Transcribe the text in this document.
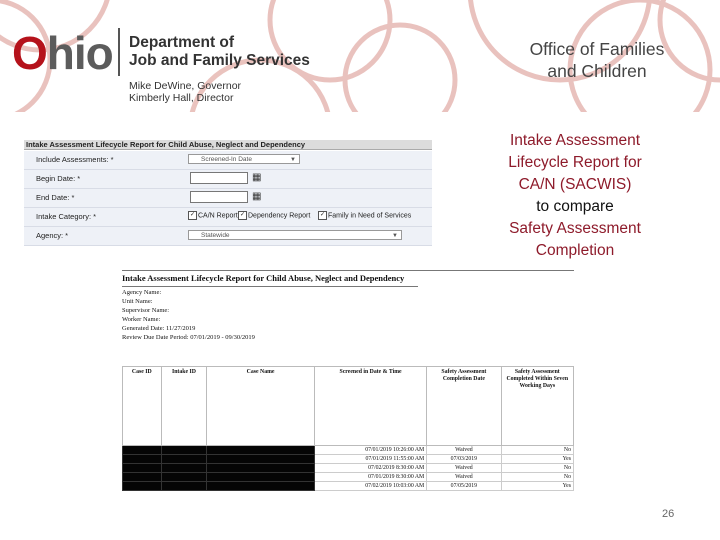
Ohio Department of
Job and Family Services
Mike DeWine, Governor
Kimberly Hall, Director
Office of Families
and Children
Intake Assessment Lifecycle Report for Child Abuse, Neglect and Dependency
Include Assessments: *	Screened-In Date	▼
Begin Date: *	▦
End Date: *	▦
Intake Category: *	✓ CA/N Report ✓ Dependency Report	✓ Family in Need of Services
Agency: *	Statewide	▼
Intake Assessment
Lifecycle Report for
CA/N (SACWIS)
to compare
Safety Assessment
Completion
Intake Assessment Lifecycle Report for Child Abuse, Neglect and Dependency
Agency Name:
Unit Name:
Supervisor Name:
Worker Name:
Generated Date: 11/27/2019
Review Due Date Period: 07/01/2019 - 09/30/2019
Case ID	Intake ID	Case Name	Screened in Date & Time	Safety Assessment Completion Date	Safety Assessment Completed Within Seven Working Days
			07/01/2019 10:26:00 AM	Waived	No
			07/01/2019 11:55:00 AM	07/03/2019	Yes
			07/02/2019 8:30:00 AM	Waived	No
			07/01/2019 8:30:00 AM	Waived	No
			07/02/2019 10:03:00 AM	07/05/2019	Yes
26
